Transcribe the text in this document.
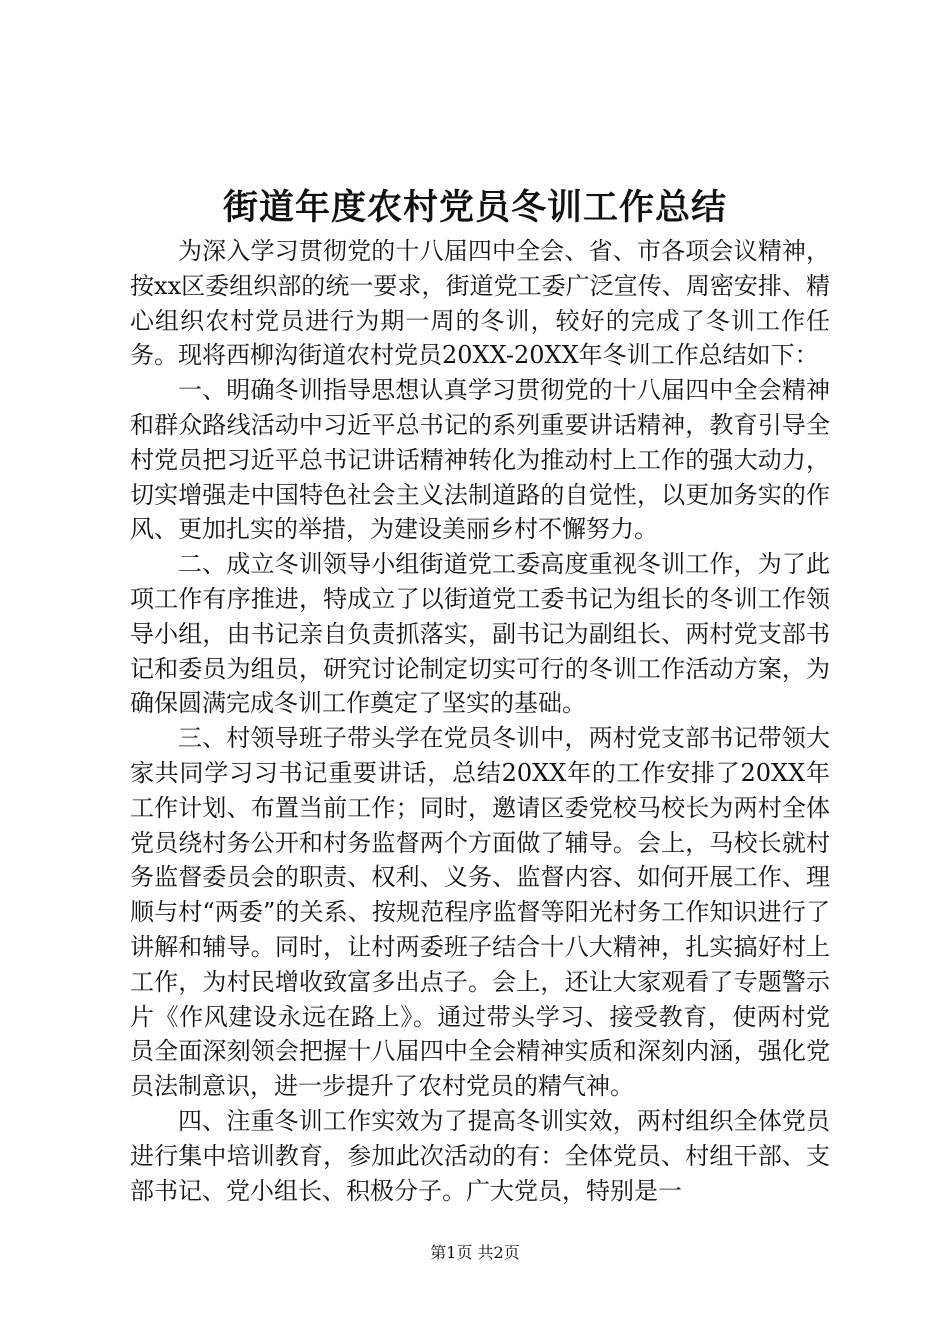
街道年度农村党员冬训工作总结

为深入学习贯彻党的十八届四中全会、省、市各项会议精神，按xx区委组织部的统一要求，街道党工委广泛宣传、周密安排、精心组织农村党员进行为期一周的冬训，较好的完成了冬训工作任务。现将西柳沟街道农村党员20XX-20XX年冬训工作总结如下：

一、明确冬训指导思想认真学习贯彻党的十八届四中全会精神和群众路线活动中习近平总书记的系列重要讲话精神，教育引导全村党员把习近平总书记讲话精神转化为推动村上工作的强大动力，切实增强走中国特色社会主义法制道路的自觉性，以更加务实的作风、更加扎实的举措，为建设美丽乡村不懈努力。

二、成立冬训领导小组街道党工委高度重视冬训工作，为了此项工作有序推进，特成立了以街道党工委书记为组长的冬训工作领导小组，由书记亲自负责抓落实，副书记为副组长、两村党支部书记和委员为组员，研究讨论制定切实可行的冬训工作活动方案，为确保圆满完成冬训工作奠定了坚实的基础。

三、村领导班子带头学在党员冬训中，两村党支部书记带领大家共同学习习书记重要讲话，总结20XX年的工作安排了20XX年工作计划、布置当前工作；同时，邀请区委党校马校长为两村全体党员绕村务公开和村务监督两个方面做了辅导。会上，马校长就村务监督委员会的职责、权利、义务、监督内容、如何开展工作、理顺与村“两委”的关系、按规范程序监督等阳光村务工作知识进行了讲解和辅导。同时，让村两委班子结合十八大精神，扎实搞好村上工作，为村民增收致富多出点子。会上，还让大家观看了专题警示片《作风建设永远在路上》。通过带头学习、接受教育，使两村党员全面深刻领会把握十八届四中全会精神实质和深刻内涵，强化党员法制意识，进一步提升了农村党员的精气神。

四、注重冬训工作实效为了提高冬训实效，两村组织全体党员进行集中培训教育，参加此次活动的有：全体党员、村组干部、支部书记、党小组长、积极分子。广大党员，特别是一

第1页 共2页
